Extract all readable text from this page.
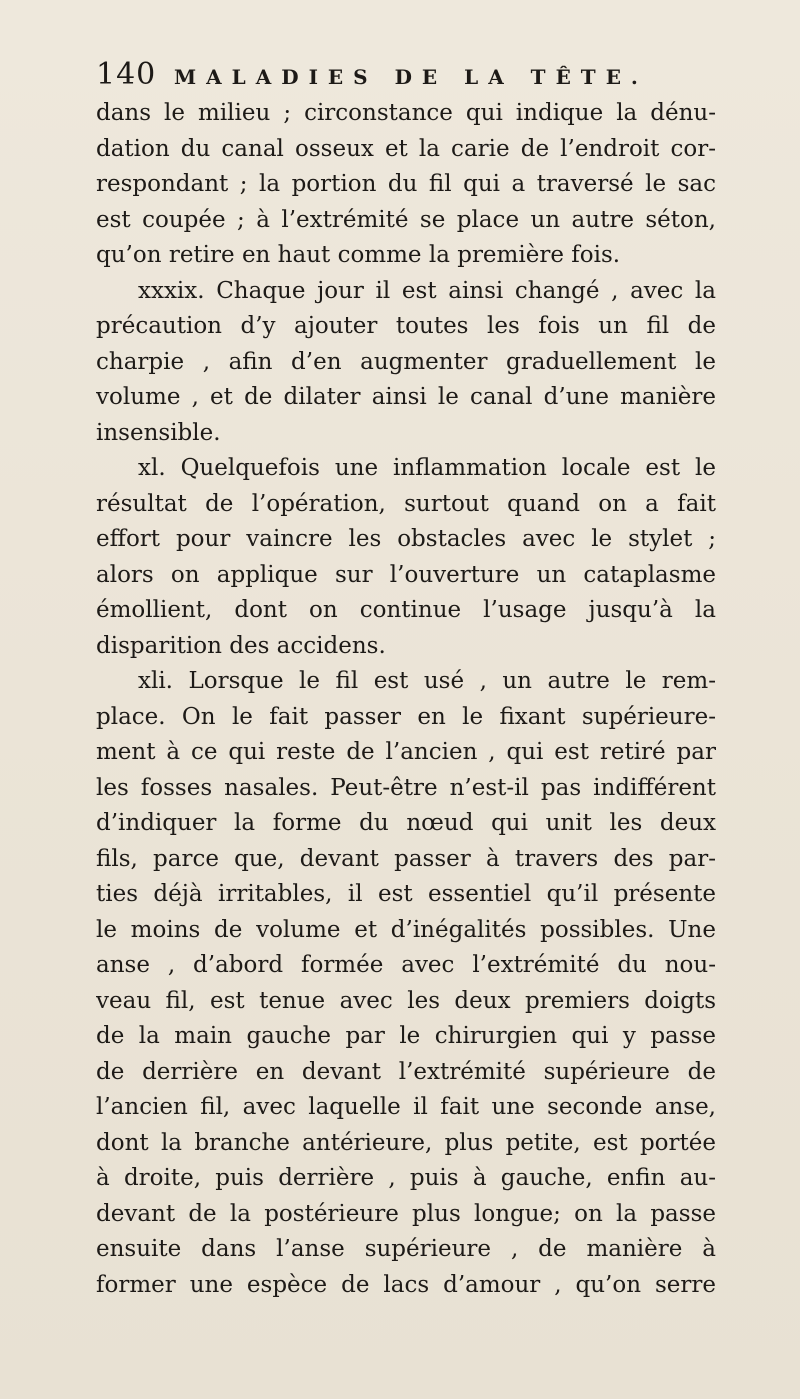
140 MALADIES DE LA TÊTE.
dans le milieu ; circonstance qui indique la dénu-
dation du canal osseux et la carie de l’endroit cor-
respondant ; la portion du fil qui a traversé le sac
est coupée ; à l’extrémité se place un autre séton,
qu’on retire en haut comme la première fois.
xxxix. Chaque jour il est ainsi changé , avec la
précaution d’y ajouter toutes les fois un fil de
charpie , afin d’en augmenter graduellement le
volume , et de dilater ainsi le canal d’une manière
insensible.
xl. Quelquefois une inflammation locale est le
résultat de l’opération, surtout quand on a fait
effort pour vaincre les obstacles avec le stylet ;
alors on applique sur l’ouverture un cataplasme
émollient, dont on continue l’usage jusqu’à la
disparition des accidens.
xli. Lorsque le fil est usé , un autre le rem-
place. On le fait passer en le fixant supérieure-
ment à ce qui reste de l’ancien , qui est retiré par
les fosses nasales. Peut-être n’est-il pas indifférent
d’indiquer la forme du nœud qui unit les deux
fils, parce que, devant passer à travers des par-
ties déjà irritables, il est essentiel qu’il présente
le moins de volume et d’inégalités possibles. Une
anse , d’abord formée avec l’extrémité du nou-
veau fil, est tenue avec les deux premiers doigts
de la main gauche par le chirurgien qui y passe
de derrière en devant l’extrémité supérieure de
l’ancien fil, avec laquelle il fait une seconde anse,
dont la branche antérieure, plus petite, est portée
à droite, puis derrière , puis à gauche, enfin au-
devant de la postérieure plus longue; on la passe
ensuite dans l’anse supérieure , de manière à
former une espèce de lacs d’amour , qu’on serre
